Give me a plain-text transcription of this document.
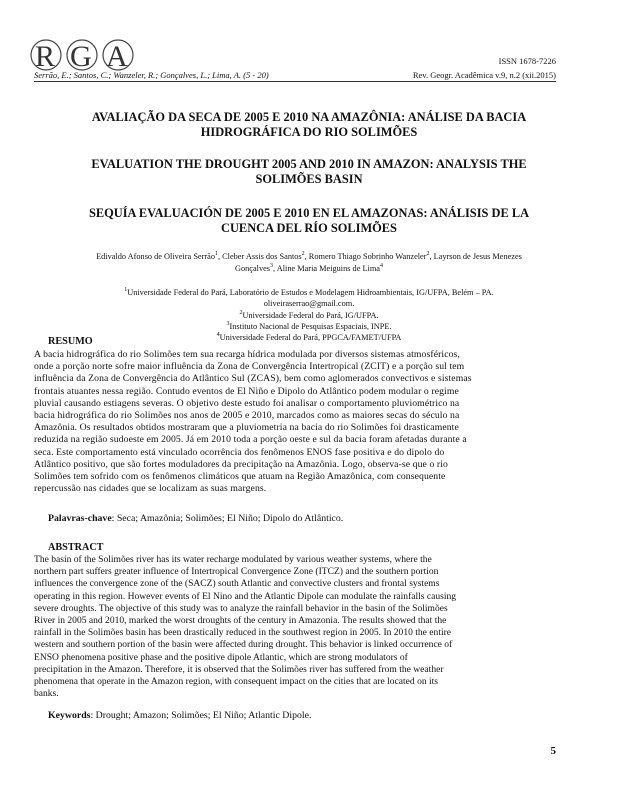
R G A	ISSN 1678-7226
Serrão, E.; Santos, C.; Wanzeler, R.; Gonçalves, L.; Lima, A. (5 - 20)	Rev. Geogr. Acadêmica v.9, n.2 (xii.2015)
AVALIAÇÃO DA SECA DE 2005 E 2010 NA AMAZÔNIA: ANÁLISE DA BACIA
HIDROGRÁFICA DO RIO SOLIMÕES
EVALUATION THE DROUGHT 2005 AND 2010 IN AMAZON: ANALYSIS THE
SOLIMÕES BASIN
SEQUÍA EVALUACIÓN DE 2005 E 2010 EN EL AMAZONAS: ANÁLISIS DE LA
CUENCA DEL RÍO SOLIMÕES
Edivaldo Afonso de Oliveira Serrão$^1$, Cleber Assis dos Santos$^2$, Romero Thiago Sobrinho Wanzeler$^2$, Layrson de Jesus Menezes
Gonçalves$^3$, Aline Maria Meiguins de Lima$^4$
$^1$Universidade Federal do Pará, Laboratório de Estudos e Modelagem Hidroambientais, IG/UFPA, Belém – PA.
oliveiraserrao@gmail.com.
$^2$Universidade Federal do Pará, IG/UFPA.
$^3$Instituto Nacional de Pesquisas Espaciais, INPE.
$^4$Universidade Federal do Pará, PPGCA/FAMET/UFPA
RESUMO
A bacia hidrográfica do rio Solimões tem sua recarga hídrica modulada por diversos sistemas atmosféricos,
onde a porção norte sofre maior influência da Zona de Convergência Intertropical (ZCIT) e a porção sul tem
influência da Zona de Convergência do Atlântico Sul (ZCAS), bem como aglomerados convectivos e sistemas
frontais atuantes nessa região. Contudo eventos de El Niño e Dipolo do Atlântico podem modular o regime
pluvial causando estiagens severas. O objetivo deste estudo foi analisar o comportamento pluviométrico na
bacia hidrográfica do rio Solimões nos anos de 2005 e 2010, marcados como as maiores secas do século na
Amazônia. Os resultados obtidos mostraram que a pluviometria na bacia do rio Solimões foi drasticamente
reduzida na região sudoeste em 2005. Já em 2010 toda a porção oeste e sul da bacia foram afetadas durante a
seca. Este comportamento está vinculado ocorrência dos fenômenos ENOS fase positiva e do dipolo do
Atlântico positivo, que são fortes moduladores da precipitação na Amazônia. Logo, observa-se que o rio
Solimões tem sofrido com os fenômenos climáticos que atuam na Região Amazônica, com consequente
repercussão nas cidades que se localizam as suas margens.
Palavras-chave: Seca; Amazônia; Solimões; El Niño; Dipolo do Atlântico.
ABSTRACT
The basin of the Solimões river has its water recharge modulated by various weather systems, where the
northern part suffers greater influence of Intertropical Convergence Zone (ITCZ) and the southern portion
influences the convergence zone of the (SACZ) south Atlantic and convective clusters and frontal systems
operating in this region. However events of El Nino and the Atlantic Dipole can modulate the rainfalls causing
severe droughts. The objective of this study was to analyze the rainfall behavior in the basin of the Solimões
River in 2005 and 2010, marked the worst droughts of the century in Amazonia. The results showed that the
rainfall in the Solimões basin has been drastically reduced in the southwest region in 2005. In 2010 the entire
western and southern portion of the basin were affected during drought. This behavior is linked occurrence of
ENSO phenomena positive phase and the positive dipole Atlantic, which are strong modulators of
precipitation in the Amazon. Therefore, it is observed that the Solimões river has suffered from the weather
phenomena that operate in the Amazon region, with consequent impact on the cities that are located on its
banks.
Keywords: Drought; Amazon; Solimões; El Niño; Atlantic Dipole.
5
